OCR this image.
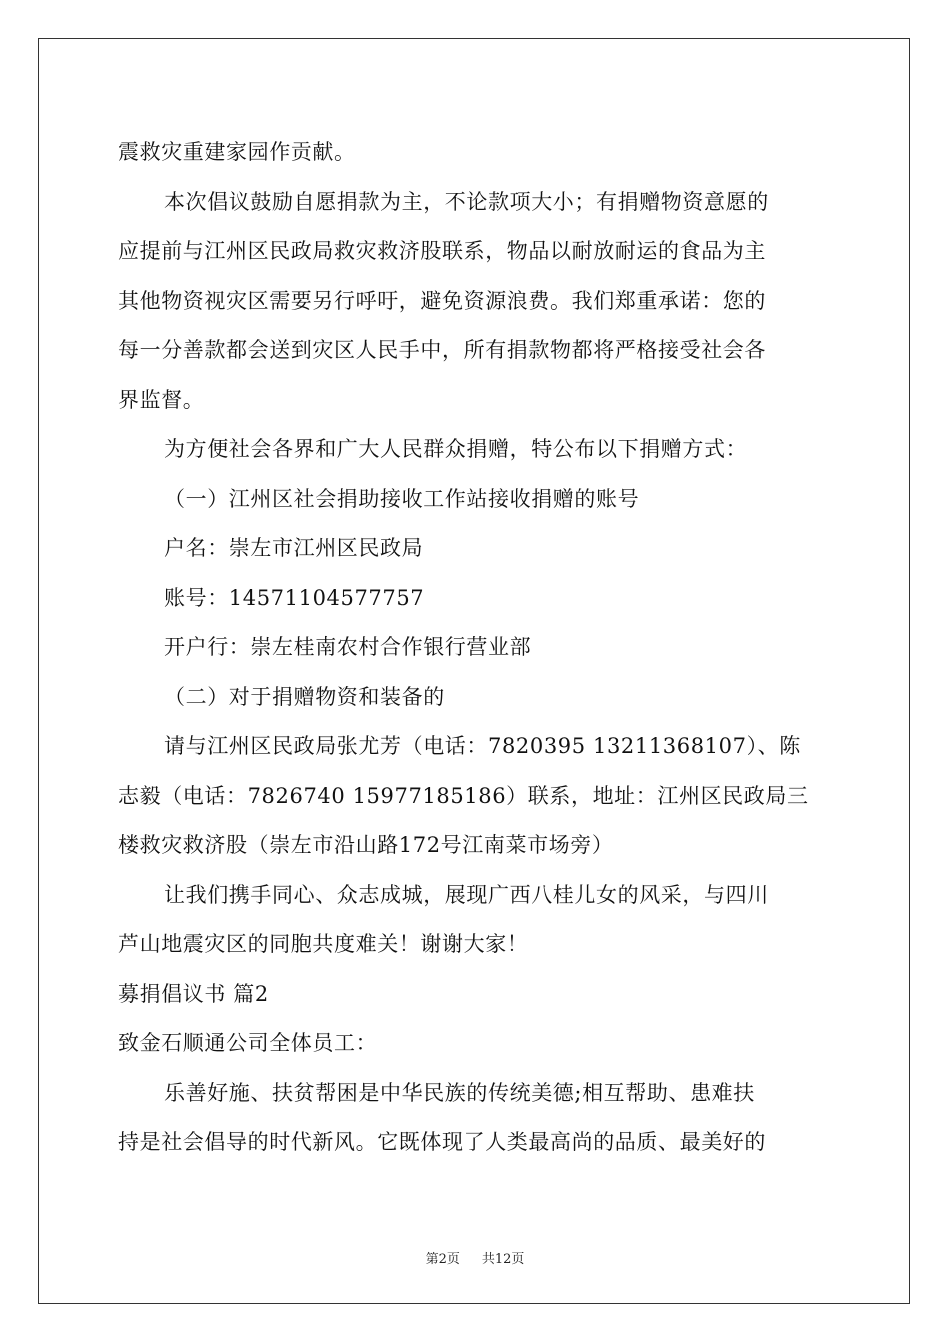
震救灾重建家园作贡献。
本次倡议鼓励自愿捐款为主，不论款项大小；有捐赠物资意愿的
应提前与江州区民政局救灾救济股联系，物品以耐放耐运的食品为主
其他物资视灾区需要另行呼吁，避免资源浪费。我们郑重承诺：您的
每一分善款都会送到灾区人民手中，所有捐款物都将严格接受社会各
界监督。
为方便社会各界和广大人民群众捐赠，特公布以下捐赠方式：
（一）江州区社会捐助接收工作站接收捐赠的账号
户名：崇左市江州区民政局
账号：14571104577757
开户行：崇左桂南农村合作银行营业部
（二）对于捐赠物资和装备的
请与江州区民政局张尤芳（电话：7820395 13211368107）、陈
志毅（电话：7826740 15977185186）联系，地址：江州区民政局三
楼救灾救济股（崇左市沿山路172号江南菜市场旁）
让我们携手同心、众志成城，展现广西八桂儿女的风采，与四川
芦山地震灾区的同胞共度难关！谢谢大家！
募捐倡议书 篇2
致金石顺通公司全体员工：
乐善好施、扶贫帮困是中华民族的传统美德;相互帮助、患难扶
持是社会倡导的时代新风。它既体现了人类最高尚的品质、最美好的
第2页 共12页
